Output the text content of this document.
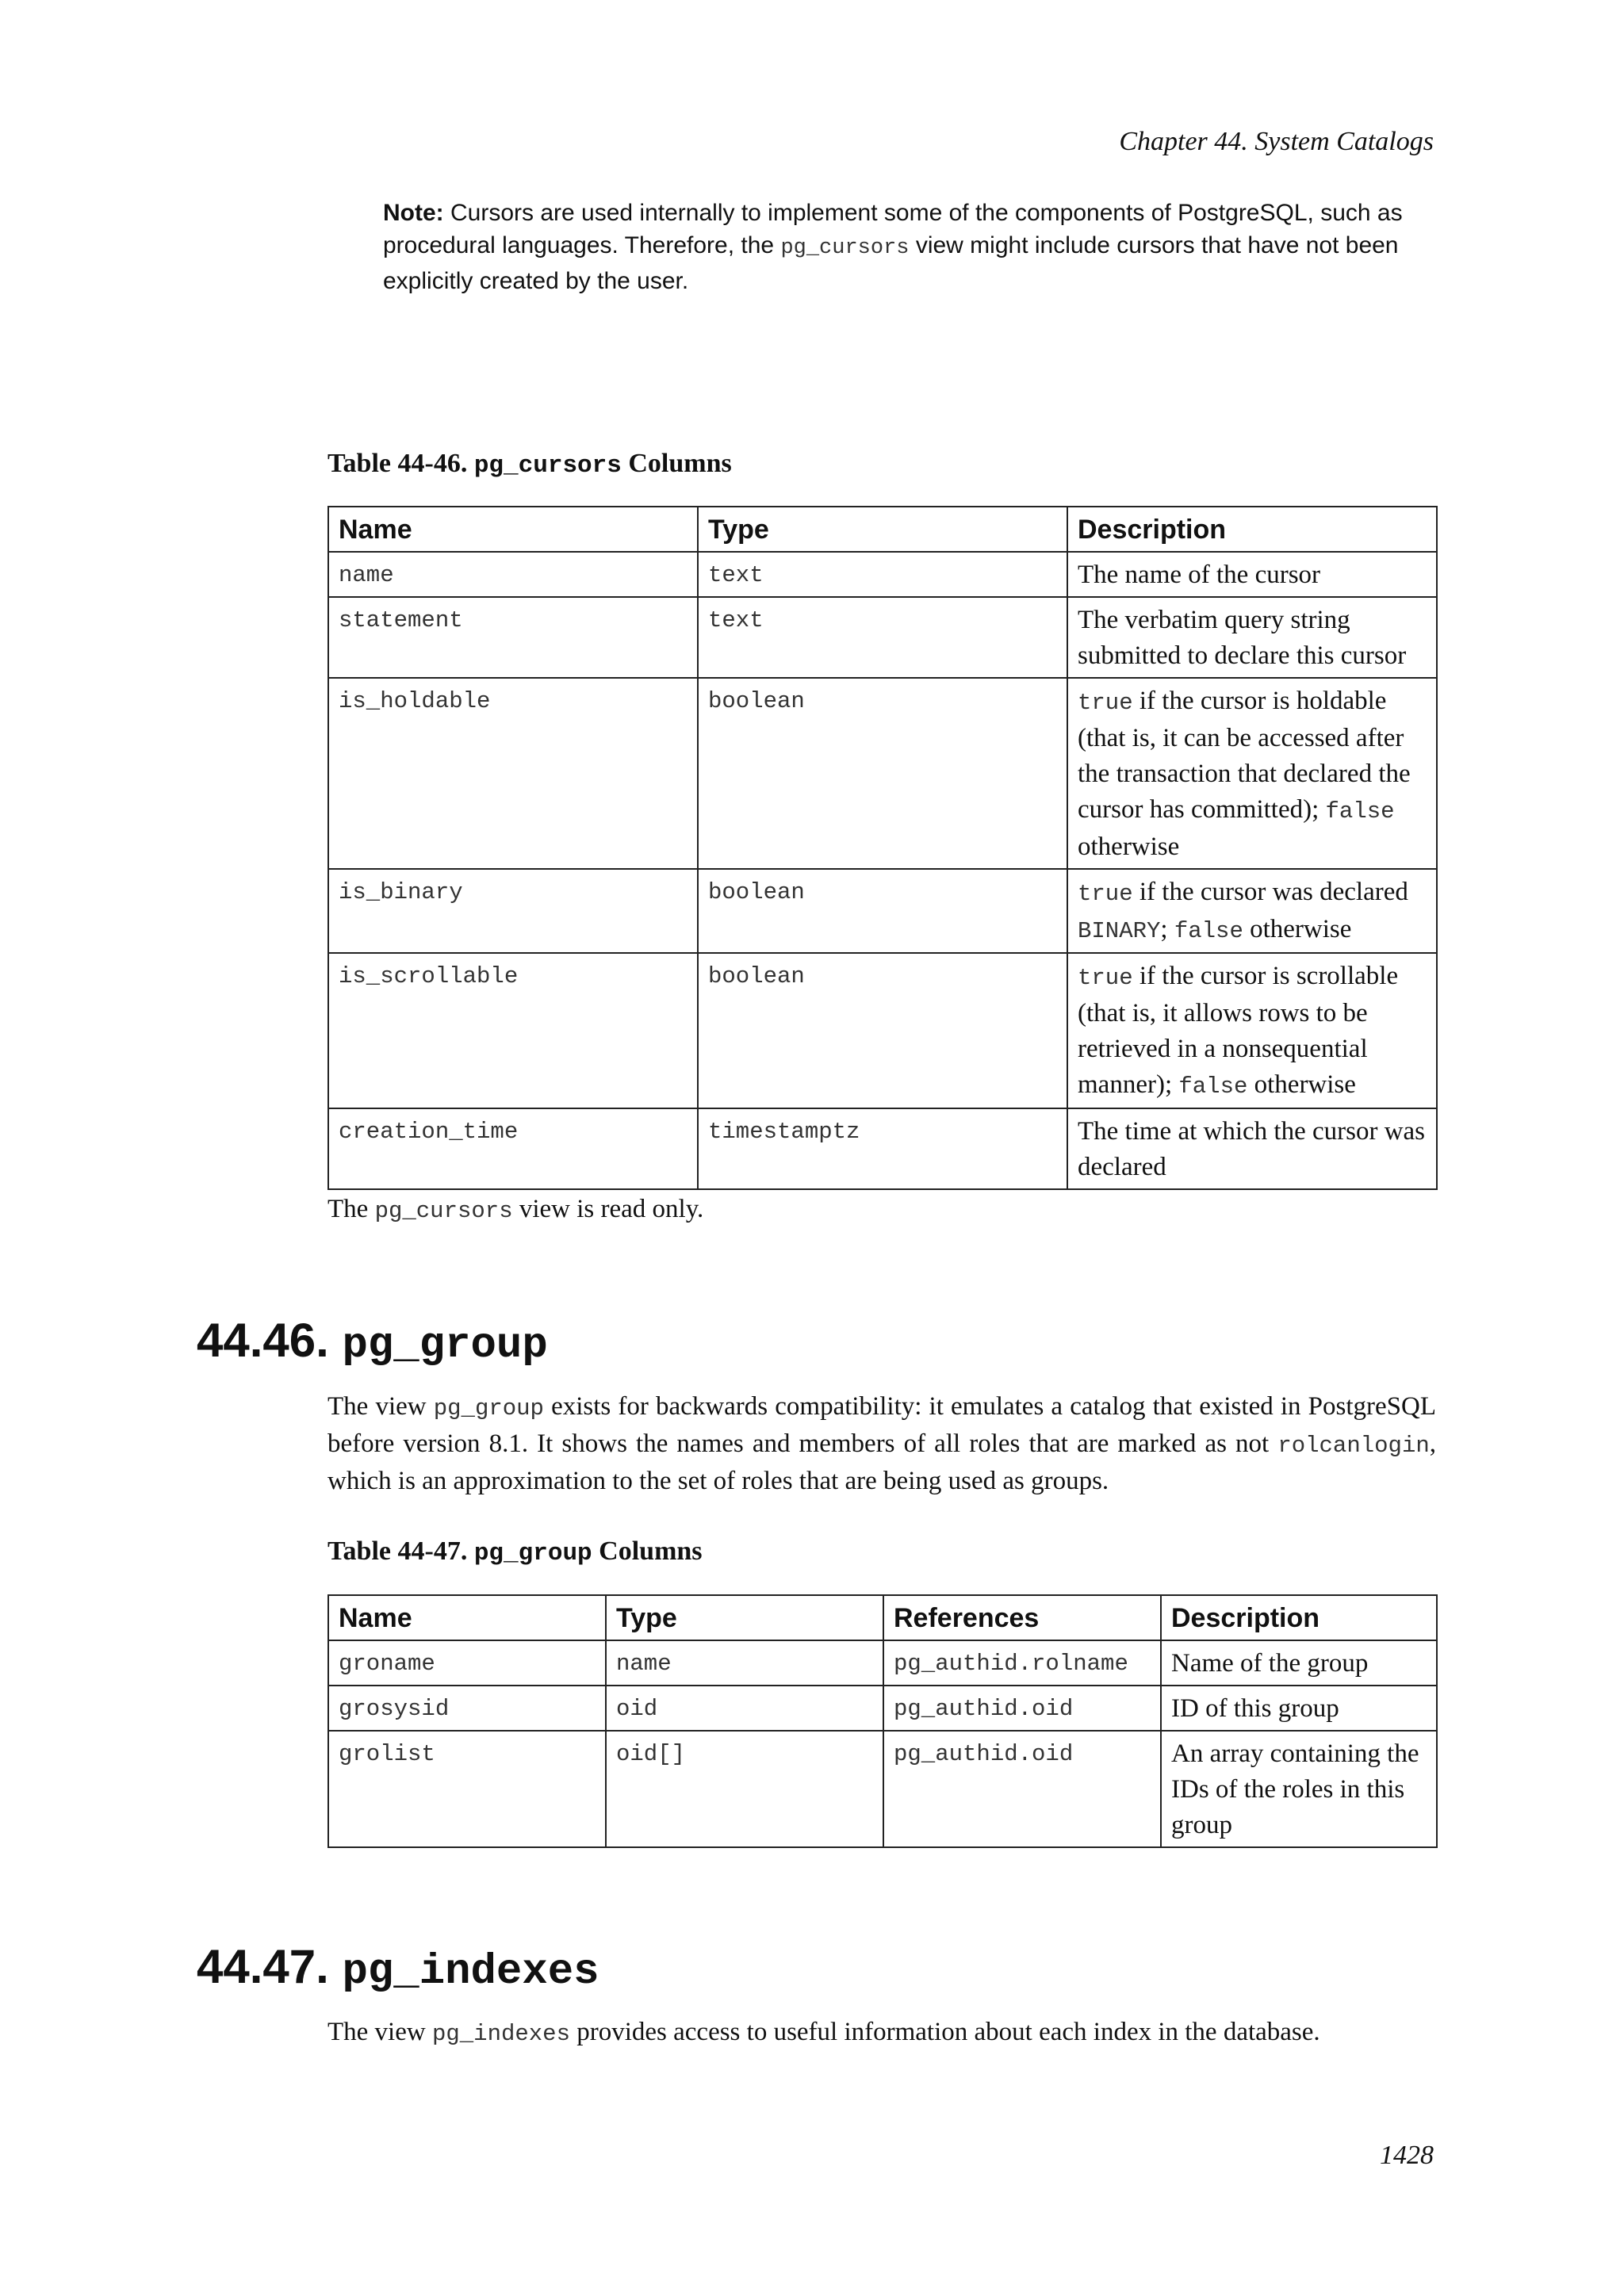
Chapter 44. System Catalogs
Note: Cursors are used internally to implement some of the components of PostgreSQL, such as procedural languages. Therefore, the pg_cursors view might include cursors that have not been explicitly created by the user.
Table 44-46. pg_cursors Columns
Name	Type	Description
name	text	The name of the cursor
statement	text	The verbatim query string submitted to declare this cursor
is_holdable	boolean	true if the cursor is holdable (that is, it can be accessed after the transaction that declared the cursor has committed); false otherwise
is_binary	boolean	true if the cursor was declared BINARY; false otherwise
is_scrollable	boolean	true if the cursor is scrollable (that is, it allows rows to be retrieved in a nonsequential manner); false otherwise
creation_time	timestamptz	The time at which the cursor was declared
The pg_cursors view is read only.
44.46. pg_group
The view pg_group exists for backwards compatibility: it emulates a catalog that existed in PostgreSQL before version 8.1. It shows the names and members of all roles that are marked as not rolcanlogin, which is an approximation to the set of roles that are being used as groups.
Table 44-47. pg_group Columns
Name	Type	References	Description
groname	name	pg_authid.rolname	Name of the group
grosysid	oid	pg_authid.oid	ID of this group
grolist	oid[]	pg_authid.oid	An array containing the IDs of the roles in this group
44.47. pg_indexes
The view pg_indexes provides access to useful information about each index in the database.
1428
